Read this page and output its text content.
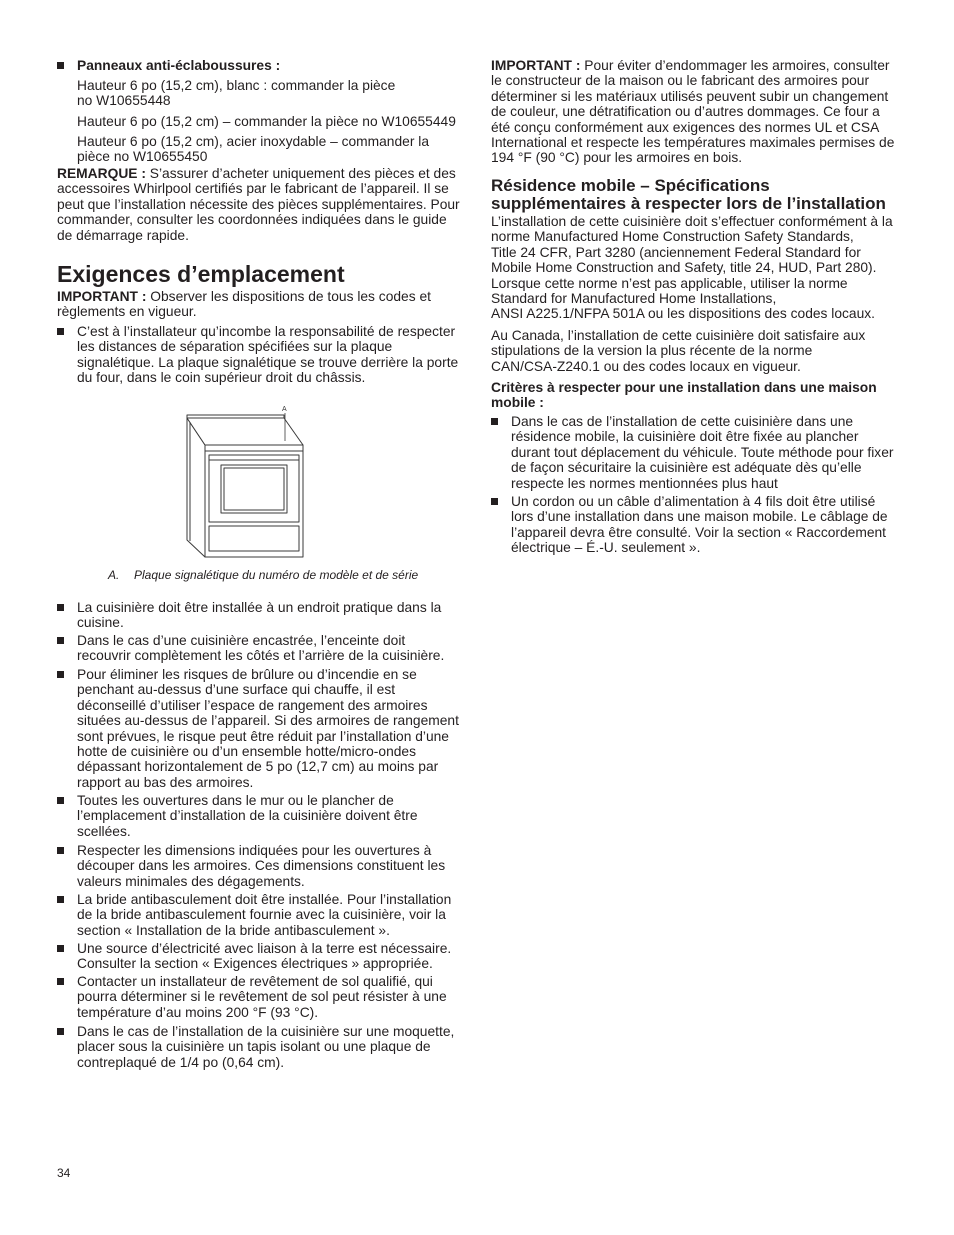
Panneaux anti-éclaboussures :
Hauteur 6 po (15,2 cm), blanc : commander la pièce
no W10655448
Hauteur 6 po (15,2 cm) – commander la pièce no W10655449
Hauteur 6 po (15,2 cm), acier inoxydable – commander la
pièce no W10655450
REMARQUE : S’assurer d’acheter uniquement des pièces et des
accessoires Whirlpool certifiés par le fabricant de l’appareil. Il se
peut que l’installation nécessite des pièces supplémentaires. Pour
commander, consulter les coordonnées indiquées dans le guide
de démarrage rapide.
Exigences d’emplacement
IMPORTANT : Observer les dispositions de tous les codes et
règlements en vigueur.
C’est à l’installateur qu’incombe la responsabilité de respecter
les distances de séparation spécifiées sur la plaque
signalétique. La plaque signalétique se trouve derrière la porte
du four, dans le coin supérieur droit du châssis.
A
A. Plaque signalétique du numéro de modèle et de série
La cuisinière doit être installée à un endroit pratique dans la
cuisine.
Dans le cas d’une cuisinière encastrée, l’enceinte doit
recouvrir complètement les côtés et l’arrière de la cuisinière.
Pour éliminer les risques de brûlure ou d’incendie en se
penchant au-dessus d’une surface qui chauffe, il est
déconseillé d’utiliser l’espace de rangement des armoires
situées au-dessus de l’appareil. Si des armoires de rangement
sont prévues, le risque peut être réduit par l’installation d’une
hotte de cuisinière ou d’un ensemble hotte/micro-ondes
dépassant horizontalement de 5 po (12,7 cm) au moins par
rapport au bas des armoires.
Toutes les ouvertures dans le mur ou le plancher de
l’emplacement d’installation de la cuisinière doivent être
scellées.
Respecter les dimensions indiquées pour les ouvertures à
découper dans les armoires. Ces dimensions constituent les
valeurs minimales des dégagements.
La bride antibasculement doit être installée. Pour l’installation
de la bride antibasculement fournie avec la cuisinière, voir la
section « Installation de la bride antibasculement ».
Une source d’électricité avec liaison à la terre est nécessaire.
Consulter la section « Exigences électriques » appropriée.
Contacter un installateur de revêtement de sol qualifié, qui
pourra déterminer si le revêtement de sol peut résister à une
température d’au moins 200 °F (93 °C).
Dans le cas de l’installation de la cuisinière sur une moquette,
placer sous la cuisinière un tapis isolant ou une plaque de
contreplaqué de 1/4 po (0,64 cm).
IMPORTANT : Pour éviter d’endommager les armoires, consulter
le constructeur de la maison ou le fabricant des armoires pour
déterminer si les matériaux utilisés peuvent subir un changement
de couleur, une détratification ou d’autres dommages. Ce four a
été conçu conformément aux exigences des normes UL et CSA
International et respecte les températures maximales permises de
194 °F (90 °C) pour les armoires en bois.
Résidence mobile – Spécifications
supplémentaires à respecter lors de l’installation
L’installation de cette cuisinière doit s’effectuer conformément à la
norme Manufactured Home Construction Safety Standards,
Title 24 CFR, Part 3280 (anciennement Federal Standard for
Mobile Home Construction and Safety, title 24, HUD, Part 280).
Lorsque cette norme n’est pas applicable, utiliser la norme
Standard for Manufactured Home Installations,
ANSI A225.1/NFPA 501A ou les dispositions des codes locaux.
Au Canada, l’installation de cette cuisinière doit satisfaire aux
stipulations de la version la plus récente de la norme
CAN/CSA-Z240.1 ou des codes locaux en vigueur.
Critères à respecter pour une installation dans une maison
mobile :
Dans le cas de l’installation de cette cuisinière dans une
résidence mobile, la cuisinière doit être fixée au plancher
durant tout déplacement du véhicule. Toute méthode pour fixer
de façon sécuritaire la cuisinière est adéquate dès qu’elle
respecte les normes mentionnées plus haut
Un cordon ou un câble d’alimentation à 4 fils doit être utilisé
lors d’une installation dans une maison mobile. Le câblage de
l’appareil devra être consulté. Voir la section « Raccordement
électrique – É.-U. seulement ».
34
